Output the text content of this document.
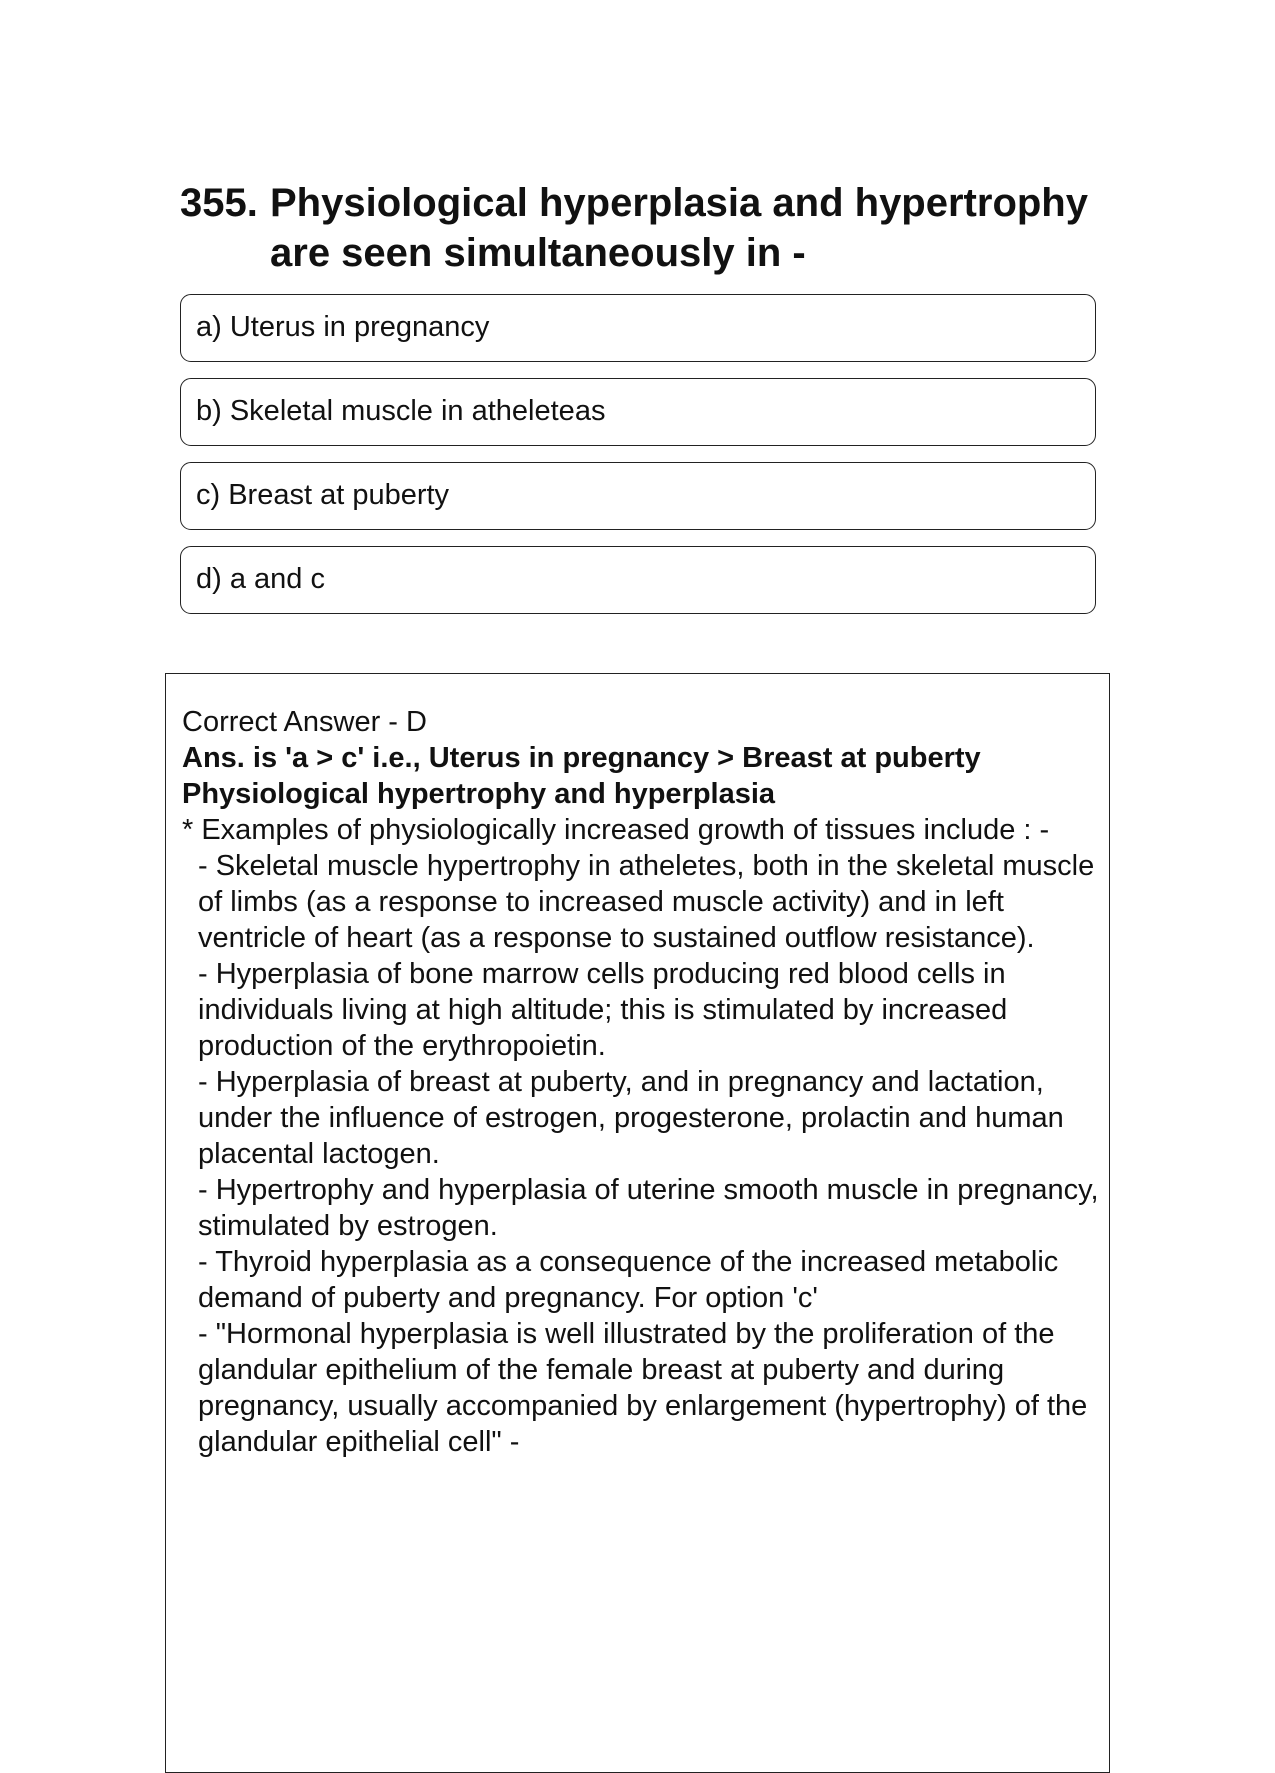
355. Physiological hyperplasia and hypertrophy are seen simultaneously in -
a) Uterus in pregnancy
b) Skeletal muscle in atheleteas
c) Breast at puberty
d) a and c

Correct Answer - D

Ans. is 'a > c' i.e., Uterus in pregnancy > Breast at puberty

Physiological hypertrophy and hyperplasia

* Examples of physiologically increased growth of tissues include : -

- Skeletal muscle hypertrophy in atheletes, both in the skeletal muscle of limbs (as a response to increased muscle activity) and in left ventricle of heart (as a response to sustained outflow resistance).

- Hyperplasia of bone marrow cells producing red blood cells in individuals living at high altitude; this is stimulated by increased production of the erythropoietin.

- Hyperplasia of breast at puberty, and in pregnancy and lactation, under the influence of estrogen, progesterone, prolactin and human placental lactogen.

- Hypertrophy and hyperplasia of uterine smooth muscle in pregnancy, stimulated by estrogen.

- Thyroid hyperplasia as a consequence of the increased metabolic demand of puberty and pregnancy. For option 'c'

- "Hormonal hyperplasia is well illustrated by the proliferation of the glandular epithelium of the female breast at puberty and during pregnancy, usually accompanied by enlargement (hypertrophy) of the glandular epithelial cell" -
